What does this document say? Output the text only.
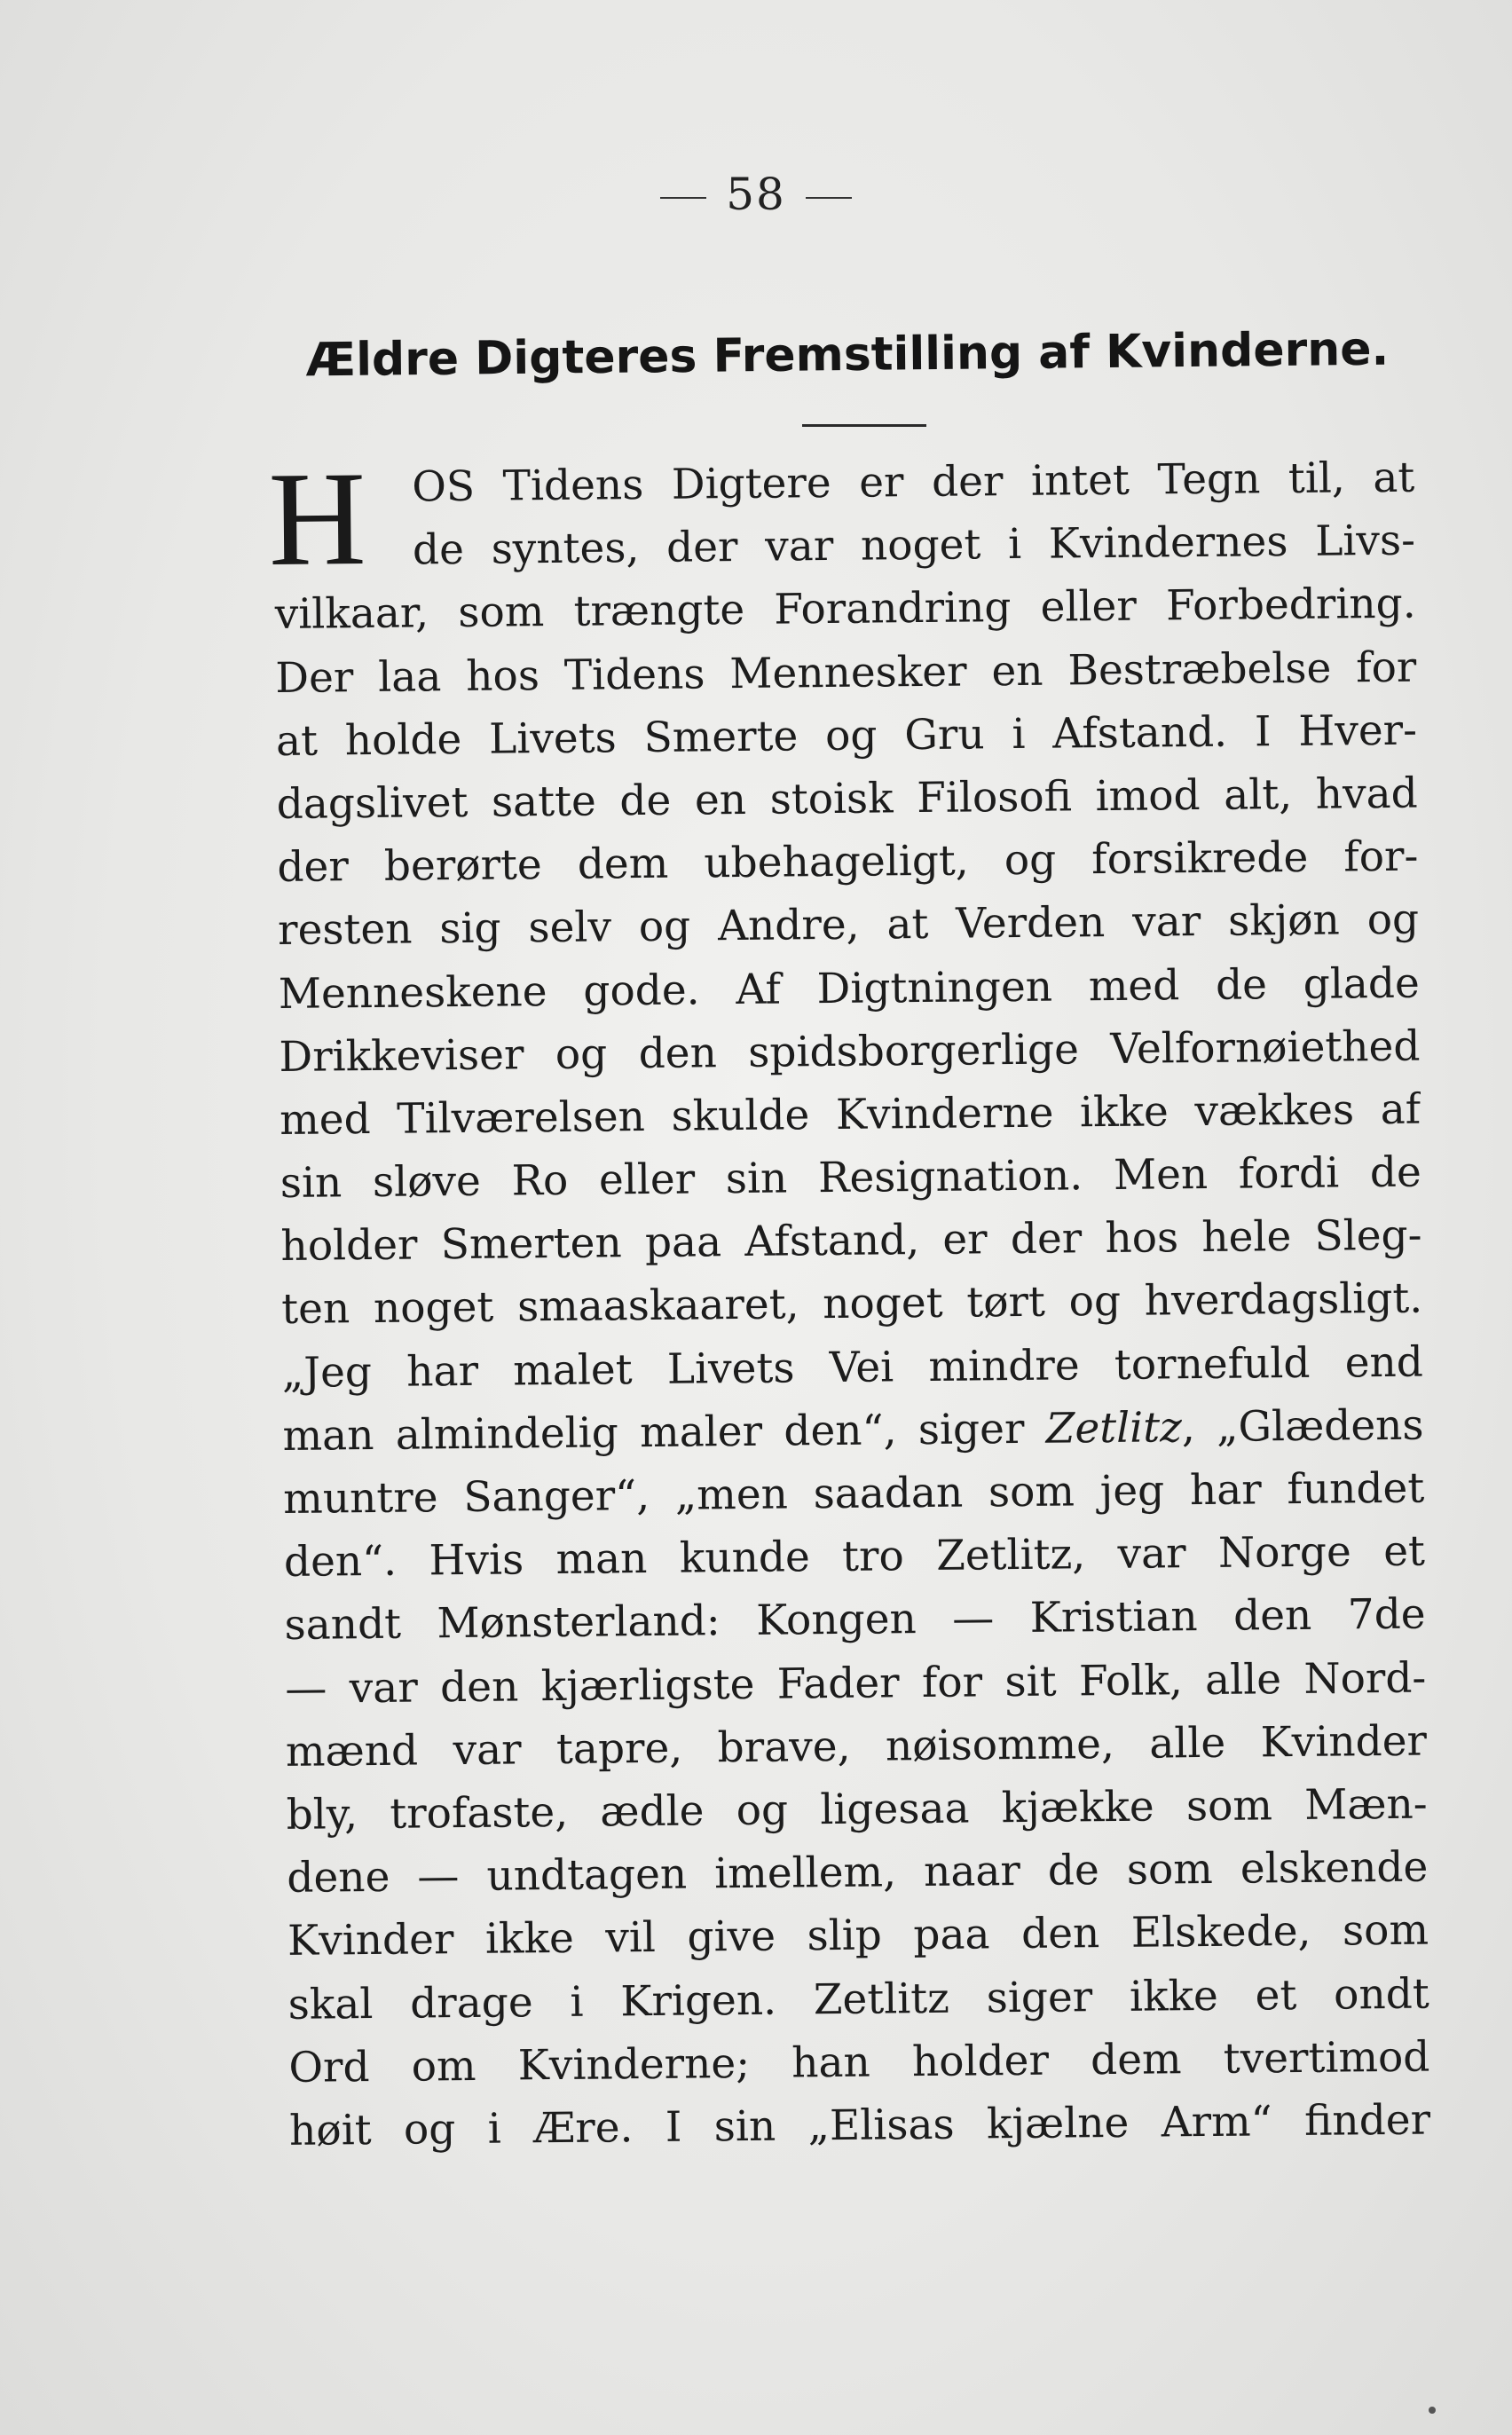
58
Ældre Digteres Fremstilling af Kvinderne.
H	OS Tidens Digtere er der intet Tegn til, at
de syntes, der var noget i Kvindernes Livs-
vilkaar, som trængte Forandring eller Forbedring.
Der laa hos Tidens Mennesker en Bestræbelse for
at holde Livets Smerte og Gru i Afstand. I Hver-
dagslivet satte de en stoisk Filosofi imod alt, hvad
der berørte dem ubehageligt, og forsikrede for-
resten sig selv og Andre, at Verden var skjøn og
Menneskene gode. Af Digtningen med de glade
Drikkeviser og den spidsborgerlige Velfornøiethed
med Tilværelsen skulde Kvinderne ikke vækkes af
sin sløve Ro eller sin Resignation. Men fordi de
holder Smerten paa Afstand, er der hos hele Sleg-
ten noget smaaskaaret, noget tørt og hverdagsligt.
„Jeg har malet Livets Vei mindre tornefuld end
man almindelig maler den“, siger Zetlitz, „Glædens
muntre Sanger“, „men saadan som jeg har fundet
den“. Hvis man kunde tro Zetlitz, var Norge et
sandt Mønsterland: Kongen — Kristian den 7de
— var den kjærligste Fader for sit Folk, alle Nord-
mænd var tapre, brave, nøisomme, alle Kvinder
bly, trofaste, ædle og ligesaa kjække som Mæn-
dene — undtagen imellem, naar de som elskende
Kvinder ikke vil give slip paa den Elskede, som
skal drage i Krigen. Zetlitz siger ikke et ondt
Ord om Kvinderne; han holder dem tvertimod
høit og i Ære. I sin „Elisas kjælne Arm“ finder
